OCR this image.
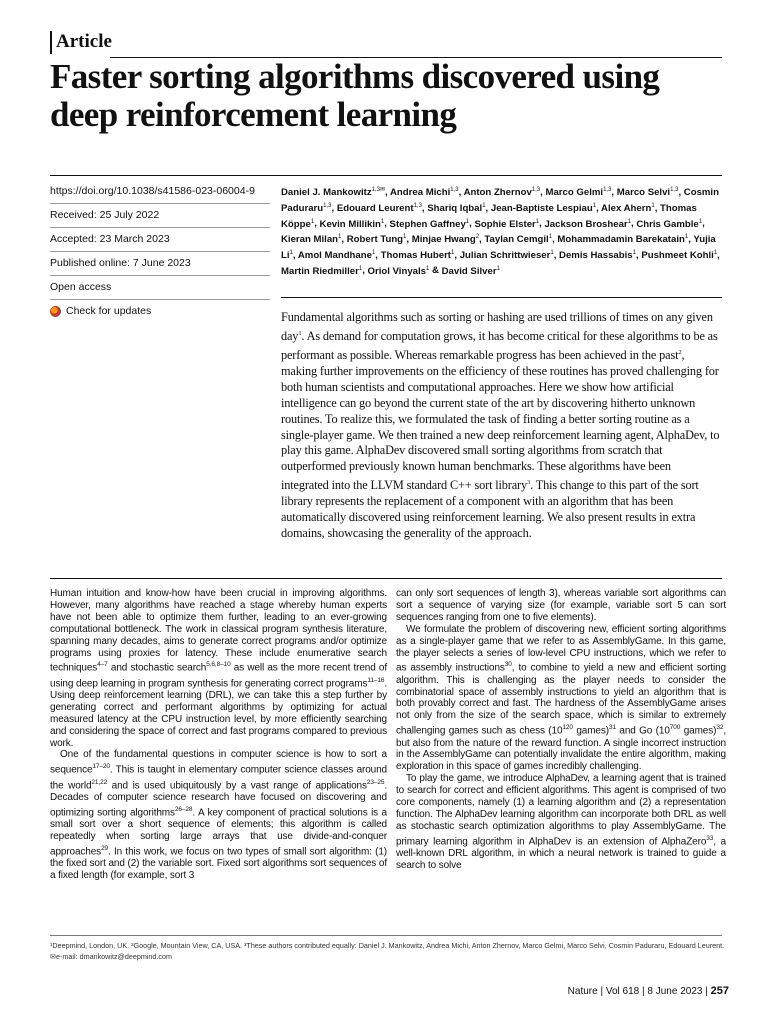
Article
Faster sorting algorithms discovered using deep reinforcement learning
https://doi.org/10.1038/s41586-023-06004-9
Received: 25 July 2022
Accepted: 23 March 2023
Published online: 7 June 2023
Open access
Check for updates
Daniel J. Mankowitz$^{1,3✉}$, Andrea Michi$^{1,3}$, Anton Zhernov$^{1,3}$, Marco Gelmi$^{1,3}$, Marco Selvi$^{1,3}$, Cosmin Paduraru$^{1,3}$, Edouard Leurent$^{1,3}$, Shariq Iqbal$^1$, Jean-Baptiste Lespiau$^1$, Alex Ahern$^1$, Thomas Köppe$^1$, Kevin Millikin$^1$, Stephen Gaffney$^1$, Sophie Elster$^1$, Jackson Broshear$^1$, Chris Gamble$^1$, Kieran Milan$^1$, Robert Tung$^1$, Minjae Hwang$^2$, Taylan Cemgil$^1$, Mohammadamin Barekatain$^1$, Yujia Li$^1$, Amol Mandhane$^1$, Thomas Hubert$^1$, Julian Schrittwieser$^1$, Demis Hassabis$^1$, Pushmeet Kohli$^1$, Martin Riedmiller$^1$, Oriol Vinyals$^1$ & David Silver$^1$
Fundamental algorithms such as sorting or hashing are used trillions of times on any given day$^1$. As demand for computation grows, it has become critical for these algorithms to be as performant as possible. Whereas remarkable progress has been achieved in the past$^2$, making further improvements on the efficiency of these routines has proved challenging for both human scientists and computational approaches. Here we show how artificial intelligence can go beyond the current state of the art by discovering hitherto unknown routines. To realize this, we formulated the task of finding a better sorting routine as a single-player game. We then trained a new deep reinforcement learning agent, AlphaDev, to play this game. AlphaDev discovered small sorting algorithms from scratch that outperformed previously known human benchmarks. These algorithms have been integrated into the LLVM standard C++ sort library$^3$. This change to this part of the sort library represents the replacement of a component with an algorithm that has been automatically discovered using reinforcement learning. We also present results in extra domains, showcasing the generality of the approach.

Human intuition and know-how have been crucial in improving algorithms. However, many algorithms have reached a stage whereby human experts have not been able to optimize them further, leading to an ever-growing computational bottleneck. The work in classical program synthesis literature, spanning many decades, aims to generate correct programs and/or optimize programs using proxies for latency. These include enumerative search techniques$^{4-7}$ and stochastic search$^{5,6,8-10}$ as well as the more recent trend of using deep learning in program synthesis for generating correct programs$^{11-16}$. Using deep reinforcement learning (DRL), we can take this a step further by generating correct and performant algorithms by optimizing for actual measured latency at the CPU instruction level, by more efficiently searching and considering the space of correct and fast programs compared to previous work.

One of the fundamental questions in computer science is how to sort a sequence$^{17-20}$. This is taught in elementary computer science classes around the world$^{21,22}$ and is used ubiquitously by a vast range of applications$^{23-25}$. Decades of computer science research have focused on discovering and optimizing sorting algorithms$^{26-28}$. A key component of practical solutions is a small sort over a short sequence of elements; this algorithm is called repeatedly when sorting large arrays that use divide-and-conquer approaches$^{29}$. In this work, we focus on two types of small sort algorithm: (1) the fixed sort and (2) the variable sort. Fixed sort algorithms sort sequences of a fixed length (for example, sort 3

can only sort sequences of length 3), whereas variable sort algorithms can sort a sequence of varying size (for example, variable sort 5 can sort sequences ranging from one to five elements).

We formulate the problem of discovering new, efficient sorting algorithms as a single-player game that we refer to as AssemblyGame. In this game, the player selects a series of low-level CPU instructions, which we refer to as assembly instructions$^{30}$, to combine to yield a new and efficient sorting algorithm. This is challenging as the player needs to consider the combinatorial space of assembly instructions to yield an algorithm that is both provably correct and fast. The hardness of the AssemblyGame arises not only from the size of the search space, which is similar to extremely challenging games such as chess ($10^{120}$ games)$^{31}$ and Go ($10^{700}$ games)$^{32}$, but also from the nature of the reward function. A single incorrect instruction in the AssemblyGame can potentially invalidate the entire algorithm, making exploration in this space of games incredibly challenging.

To play the game, we introduce AlphaDev, a learning agent that is trained to search for correct and efficient algorithms. This agent is comprised of two core components, namely (1) a learning algorithm and (2) a representation function. The AlphaDev learning algorithm can incorporate both DRL as well as stochastic search optimization algorithms to play AssemblyGame. The primary learning algorithm in AlphaDev is an extension of AlphaZero$^{33}$, a well-known DRL algorithm, in which a neural network is trained to guide a search to solve

¹Deepmind, London, UK. ²Google, Mountain View, CA, USA. ³These authors contributed equally: Daniel J. Mankowitz, Andrea Michi, Anton Zhernov, Marco Gelmi, Marco Selvi, Cosmin Paduraru, Edouard Leurent. ✉e-mail: dmankowitz@deepmind.com
Nature | Vol 618 | 8 June 2023 | 257
